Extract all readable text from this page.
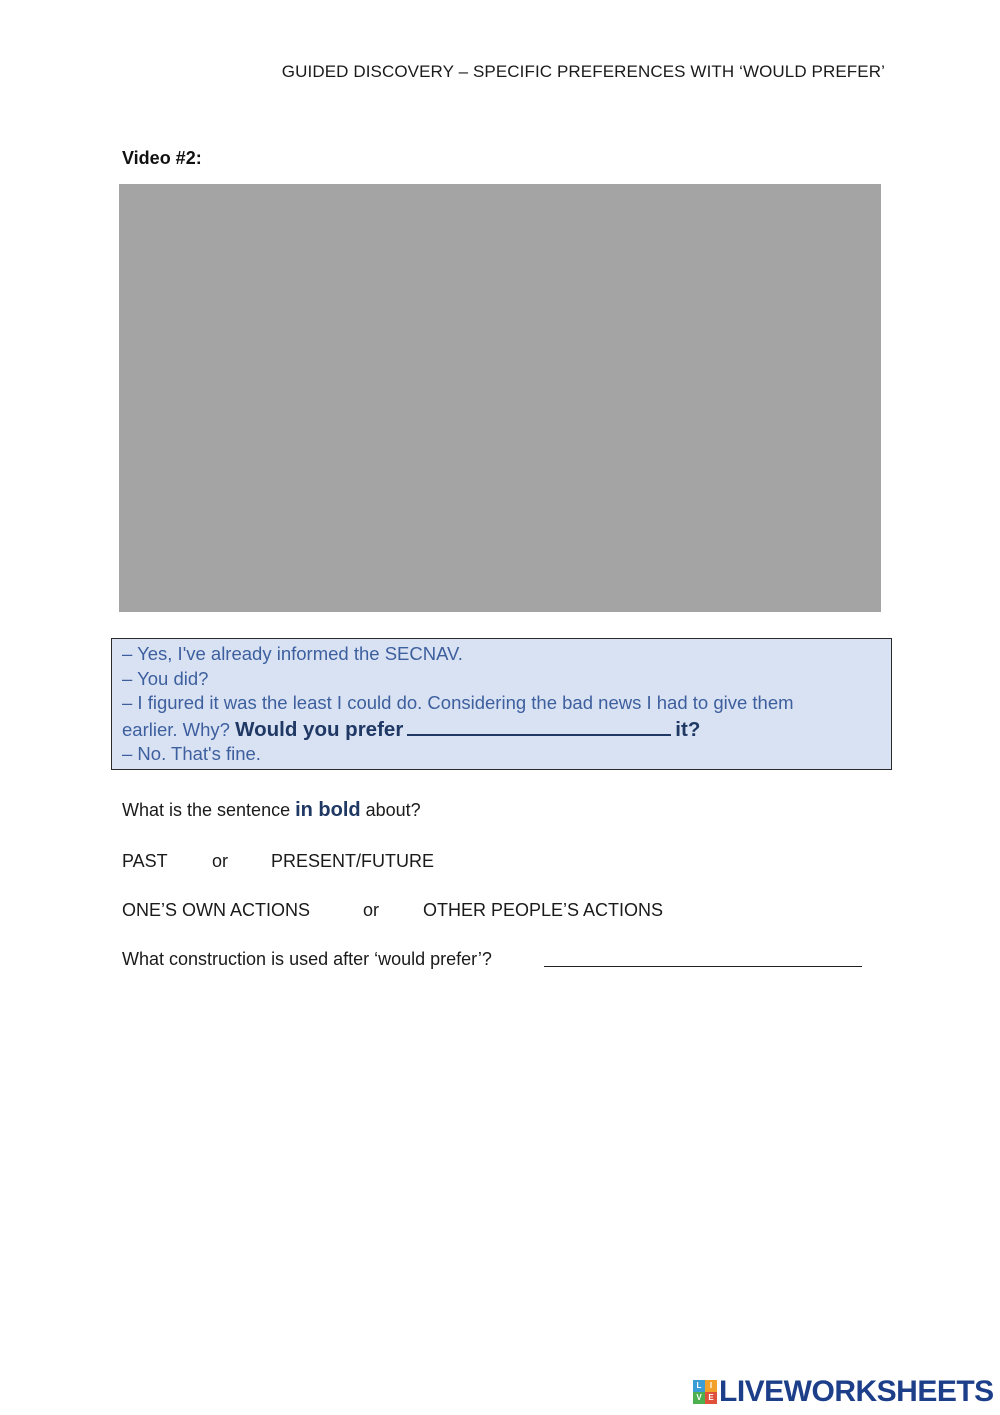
GUIDED DISCOVERY – SPECIFIC PREFERENCES WITH ‘WOULD PREFER’
Video #2:
– Yes, I've already informed the SECNAV.
– You did?
– I figured it was the least I could do. Considering the bad news I had to give them
earlier. Why? Would you prefer	it?
– No. That's fine.
What is the sentence in bold about?
PAST or PRESENT/FUTURE
ONE’S OWN ACTIONS	or OTHER PEOPLE’S ACTIONS
What construction is used after ‘would prefer’?
L	I
V E LIVEWORKSHEETS
